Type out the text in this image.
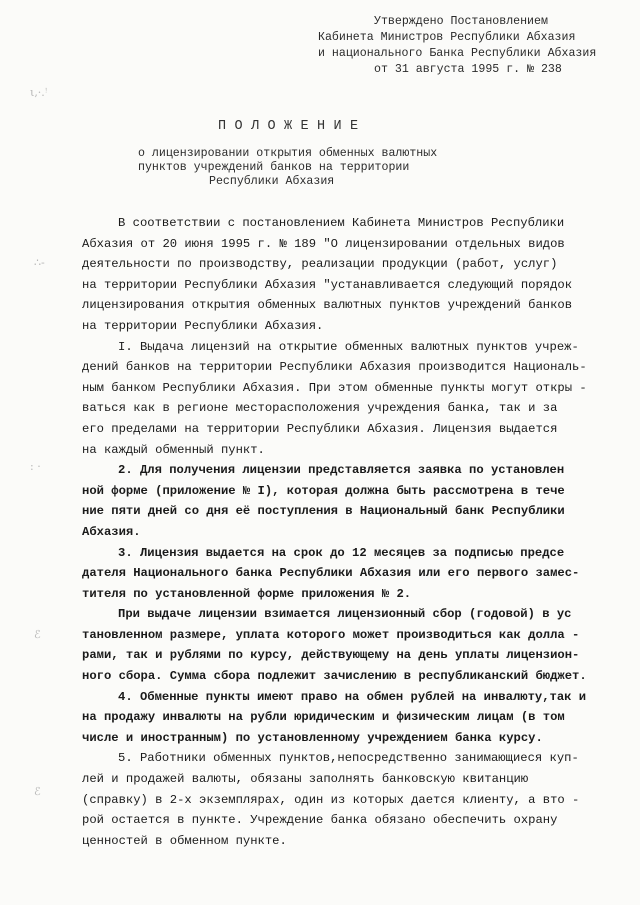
ι,·.ꜝ
∴-
: ·
ℰ
ℰ
Утверждено Постановлением
Кабинета Министров Республики Абхазия
и национального Банка Республики Абхазия
от 31 августа 1995 г. № 238
ПОЛОЖЕНИЕ
о лицензировании открытия обменных валютных
пунктов учреждений банков на территории
Республики Абхазия

В соответствии с постановлением Кабинета Министров Республики
Абхазия от 20 июня 1995 г. № 189 "О лицензировании отдельных видов
деятельности по производству, реализации продукции (работ, услуг)
на территории Республики Абхазия "устанавливается следующий порядок
лицензирования открытия обменных валютных пунктов учреждений банков
на территории Республики Абхазия.

I. Выдача лицензий на открытие обменных валютных пунктов учреж-
дений банков на территории Республики Абхазия производится Националь-
ным банком Республики Абхазия. При этом обменные пункты могут откры -
ваться как в регионе месторасположения учреждения банка, так и за
его пределами на территории Республики Абхазия. Лицензия выдается
на каждый обменный пункт.

2. Для получения лицензии представляется заявка по установлен
ной форме (приложение № I), которая должна быть рассмотрена в тече
ние пяти дней со дня её поступления в Национальный банк Республики
Абхазия.

3. Лицензия выдается на срок до 12 месяцев за подписью предсе
дателя Национального банка Республики Абхазия или его первого замес-
тителя по установленной форме приложения № 2.

При выдаче лицензии взимается лицензионный сбор (годовой) в ус
тановленном размере, уплата которого может производиться как долла -
рами, так и рублями по курсу, действующему на день уплаты лицензион-
ного сбора. Сумма сбора подлежит зачислению в республиканский бюджет.

4. Обменные пункты имеют право на обмен рублей на инвалюту,так и
на продажу инвалюты на рубли юридическим и физическим лицам (в том
числе и иностранным) по установленному учреждением банка курсу.

5. Работники обменных пунктов,непосредственно занимающиеся куп-
лей и продажей валюты, обязаны заполнять банковскую квитанцию
(справку) в 2-х экземплярах, один из которых дается клиенту, а вто -
рой остается в пункте. Учреждение банка обязано обеспечить охрану
ценностей в обменном пункте.
